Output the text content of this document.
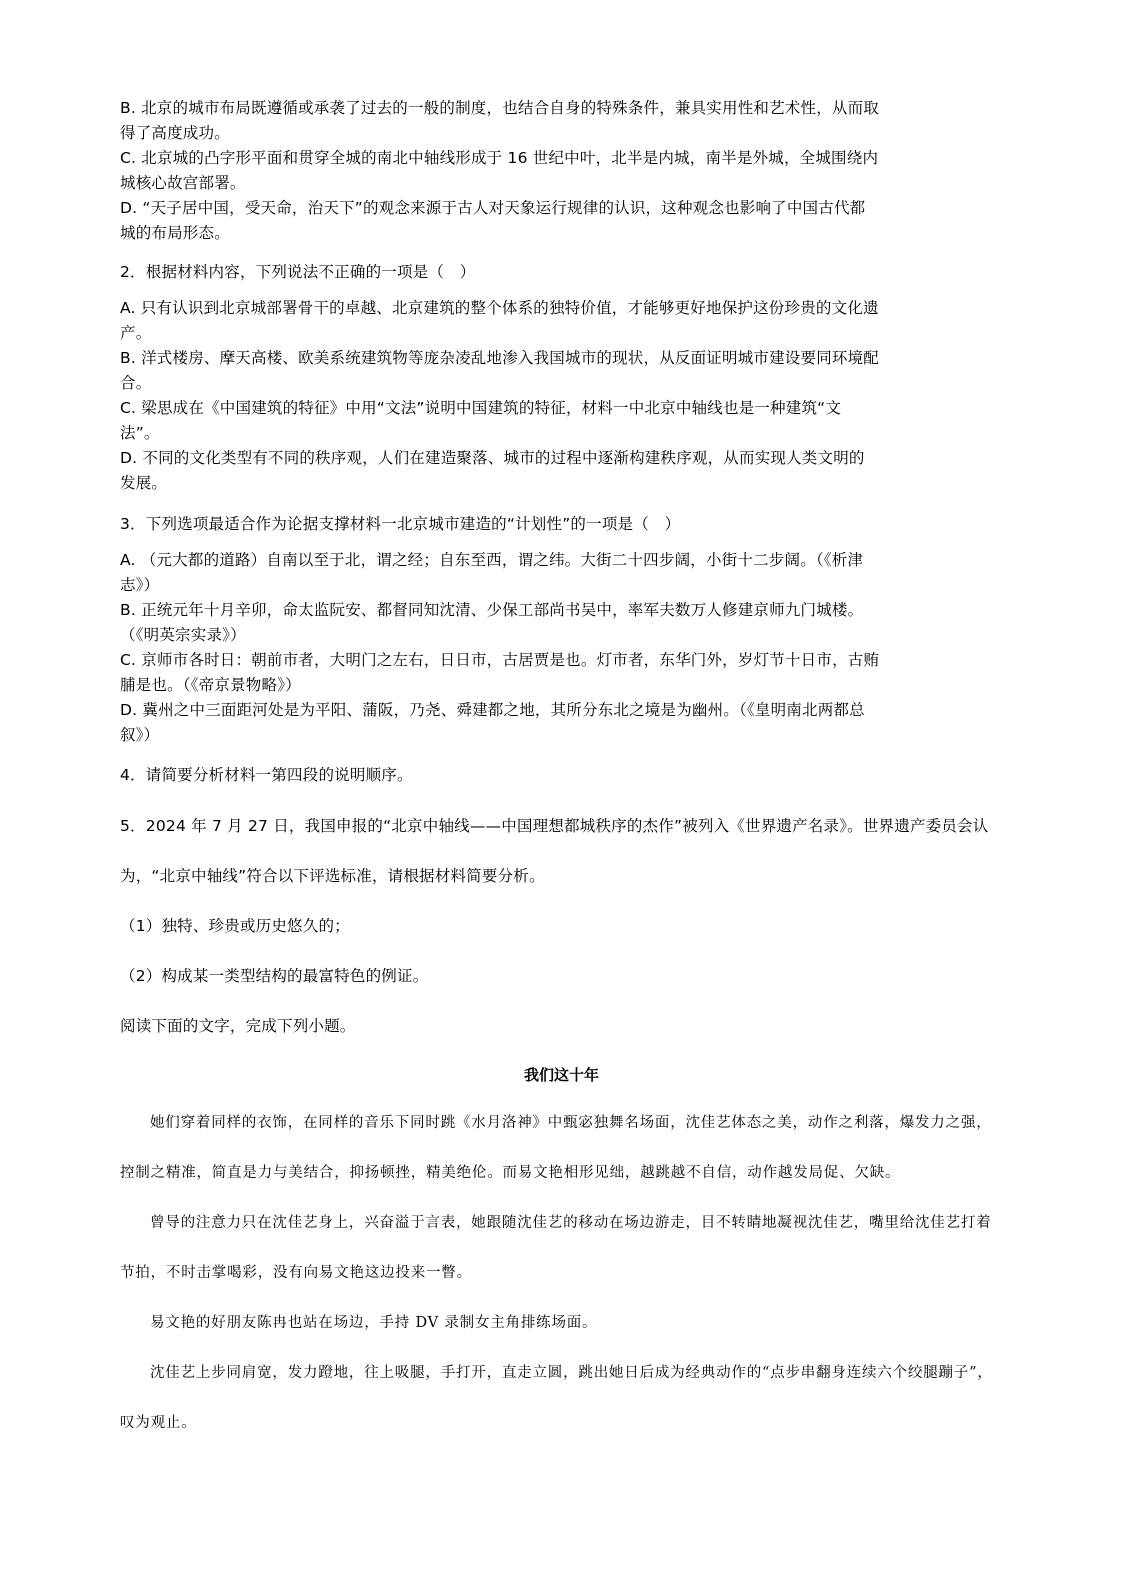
B. 北京的城市布局既遵循或承袭了过去的一般的制度，也结合自身的特殊条件，兼具实用性和艺术性，从而取得了高度成功。

C. 北京城的凸字形平面和贯穿全城的南北中轴线形成于 16 世纪中叶，北半是内城，南半是外城，全城围绕内城核心故宫部署。

D. “天子居中国，受天命，治天下”的观念来源于古人对天象运行规律的认识，这种观念也影响了中国古代都城的布局形态。

2．根据材料内容，下列说法不正确的一项是（　）

A. 只有认识到北京城部署骨干的卓越、北京建筑的整个体系的独特价值，才能够更好地保护这份珍贵的文化遗产。

B. 洋式楼房、摩天高楼、欧美系统建筑物等庞杂凌乱地渗入我国城市的现状，从反面证明城市建设要同环境配合。

C. 梁思成在《中国建筑的特征》中用“文法”说明中国建筑的特征，材料一中北京中轴线也是一种建筑“文法”。

D. 不同的文化类型有不同的秩序观，人们在建造聚落、城市的过程中逐渐构建秩序观，从而实现人类文明的发展。

3．下列选项最适合作为论据支撑材料一北京城市建造的“计划性”的一项是（　）

A. （元大都的道路）自南以至于北，谓之经；自东至西，谓之纬。大街二十四步阔，小街十二步阔。（《析津志》）

B. 正统元年十月辛卯，命太监阮安、都督同知沈清、少保工部尚书吴中，率军夫数万人修建京师九门城楼。（《明英宗实录》）

C. 京师市各时日：朝前市者，大明门之左右，日日市，古居贾是也。灯市者，东华门外，岁灯节十日市，古贿脯是也。（《帝京景物略》）

D. 冀州之中三面距河处是为平阳、蒲阪，乃尧、舜建都之地，其所分东北之境是为幽州。（《皇明南北两都总叙》）

4．请简要分析材料一第四段的说明顺序。

5．2024 年 7 月 27 日，我国申报的“北京中轴线——中国理想都城秩序的杰作”被列入《世界遗产名录》。世界遗产委员会认

为，“北京中轴线”符合以下评选标准，请根据材料简要分析。

（1）独特、珍贵或历史悠久的；

（2）构成某一类型结构的最富特色的例证。

阅读下面的文字，完成下列小题。

我们这十年

她们穿着同样的衣饰，在同样的音乐下同时跳《水月洛神》中甄宓独舞名场面，沈佳艺体态之美，动作之利落，爆发力之强，控制之精准，简直是力与美结合，抑扬顿挫，精美绝伦。而易文艳相形见绌，越跳越不自信，动作越发局促、欠缺。

曾导的注意力只在沈佳艺身上，兴奋溢于言表，她跟随沈佳艺的移动在场边游走，目不转睛地凝视沈佳艺，嘴里给沈佳艺打着节拍，不时击掌喝彩，没有向易文艳这边投来一瞥。

易文艳的好朋友陈冉也站在场边，手持 DV 录制女主角排练场面。

沈佳艺上步同肩宽，发力蹬地，往上吸腿，手打开，直走立圆，跳出她日后成为经典动作的“点步串翻身连续六个绞腿蹦子”，叹为观止。
